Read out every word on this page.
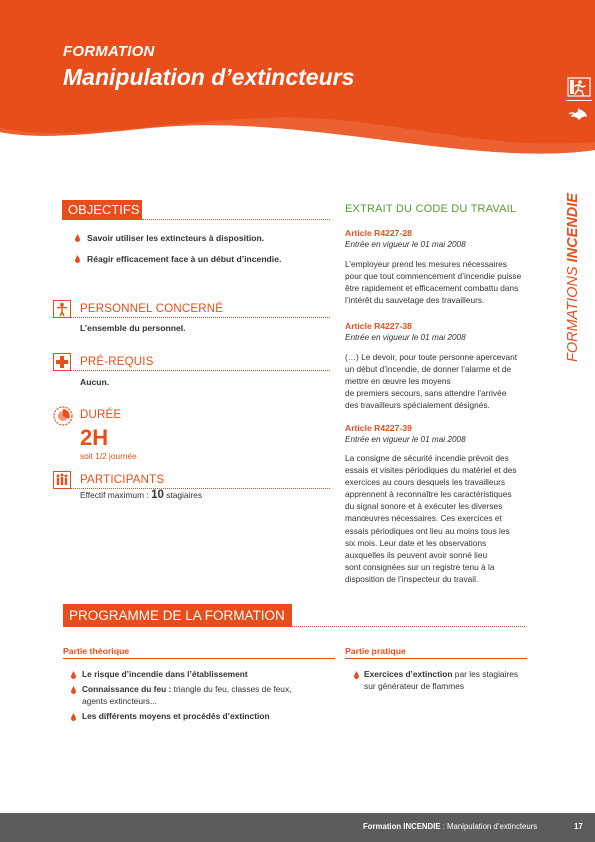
FORMATION
Manipulation d’extincteurs
FORMATIONS INCENDIE
OBJECTIFS
Savoir utiliser les extincteurs à disposition.
Réagir efficacement face à un début d’incendie.
PERSONNEL CONCERNÉ
L’ensemble du personnel.
PRÉ-REQUIS
Aucun.
DURÉE
2H
soit 1/2 journée
PARTICIPANTS
Effectif maximum : 10 stagiaires
EXTRAIT DU CODE DU TRAVAIL
Article R4227-28
Entrée en vigueur le 01 mai 2008
L’employeur prend les mesures nécessaires
pour que tout commencement d’incendie puisse
être rapidement et efficacement combattu dans
l’intérêt du sauvetage des travailleurs.
Article R4227-38
Entrée en vigueur le 01 mai 2008
(…) Le devoir, pour toute personne apercevant
un début d’incendie, de donner l’alarme et de
mettre en œuvre les moyens
de premiers secours, sans attendre l’arrivée
des travailleurs spécialement désignés.
Article R4227-39
Entrée en vigueur le 01 mai 2008
La consigne de sécurité incendie prévoit des
essais et visites périodiques du matériel et des
exercices au cours desquels les travailleurs
apprennent à reconnaître les caractéristiques
du signal sonore et à exécuter les diverses
manœuvres nécessaires. Ces exercices et
essais périodiques ont lieu au moins tous les
six mois. Leur date et les observations
auxquelles ils peuvent avoir sonné lieu
sont consignées sur un registre tenu à la
disposition de l’inspecteur du travail.
PROGRAMME DE LA FORMATION
Partie théorique	Partie pratique
Le risque d’incendie dans l’établissement
Connaissance du feu : triangle du feu, classes de feux,
agents extincteurs...
Les différents moyens et procédés d’extinction
Exercices d’extinction par les stagiaires
sur générateur de flammes
Formation INCENDIE : Manipulation d’extincteurs	17
